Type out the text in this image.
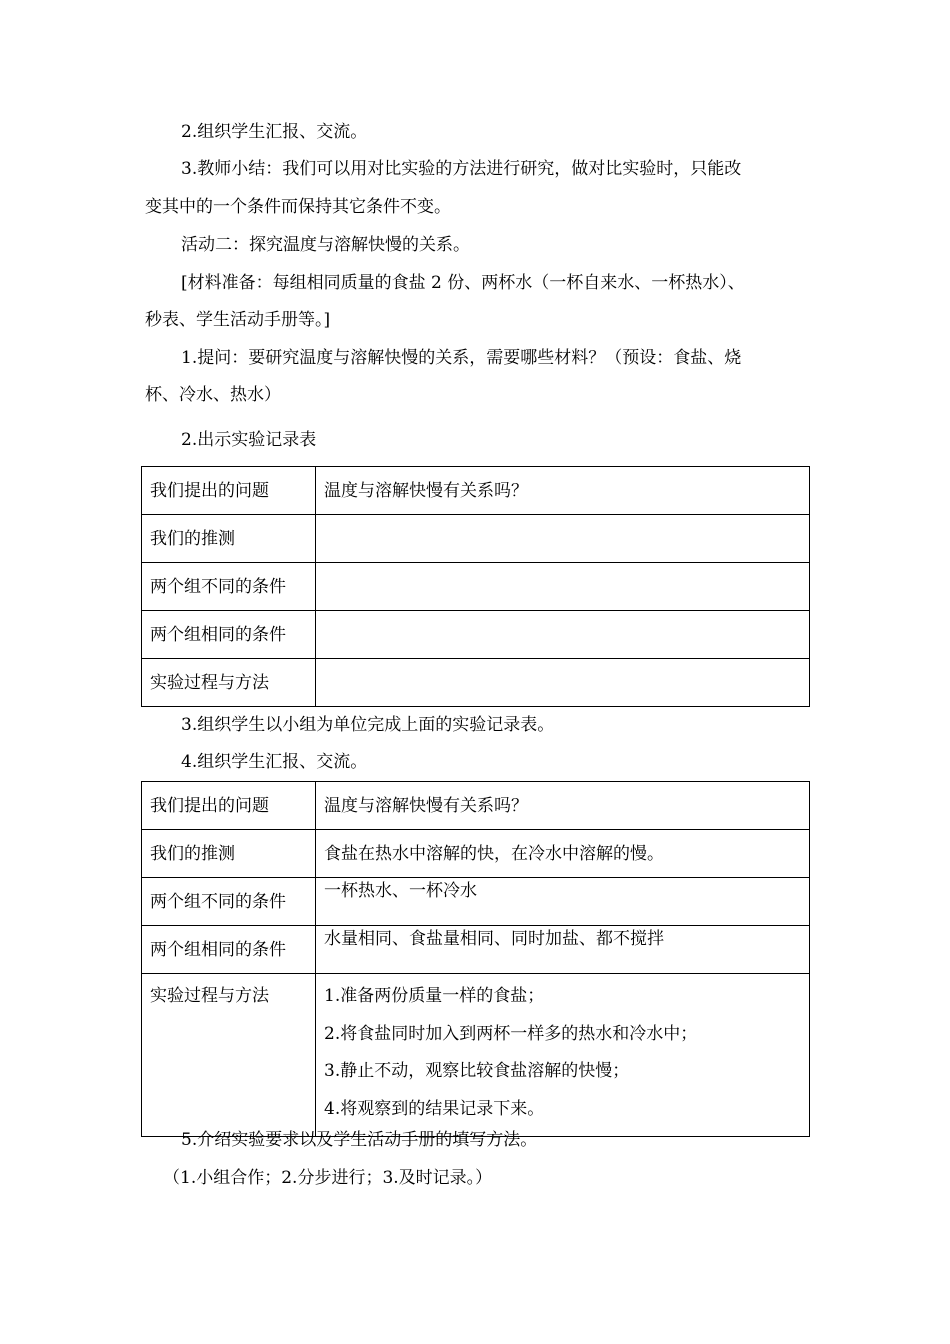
2.组织学生汇报、交流。
3.教师小结：我们可以用对比实验的方法进行研究，做对比实验时，只能改
变其中的一个条件而保持其它条件不变。
活动二：探究温度与溶解快慢的关系。
[材料准备：每组相同质量的食盐 2 份、两杯水（一杯自来水、一杯热水）、
秒表、学生活动手册等。]
1.提问：要研究温度与溶解快慢的关系，需要哪些材料？（预设：食盐、烧
杯、冷水、热水）
2.出示实验记录表
我们提出的问题	温度与溶解快慢有关系吗？
我们的推测	
两个组不同的条件	
两个组相同的条件	
实验过程与方法	
3.组织学生以小组为单位完成上面的实验记录表。
4.组织学生汇报、交流。
我们提出的问题	温度与溶解快慢有关系吗？
我们的推测	食盐在热水中溶解的快，在冷水中溶解的慢。
两个组不同的条件	一杯热水、一杯冷水
两个组相同的条件	水量相同、食盐量相同、同时加盐、都不搅拌
实验过程与方法	1.准备两份质量一样的食盐；
2.将食盐同时加入到两杯一样多的热水和冷水中；
3.静止不动，观察比较食盐溶解的快慢；
4.将观察到的结果记录下来。
5.介绍实验要求以及学生活动手册的填写方法。
（1.小组合作；2.分步进行；3.及时记录。）
